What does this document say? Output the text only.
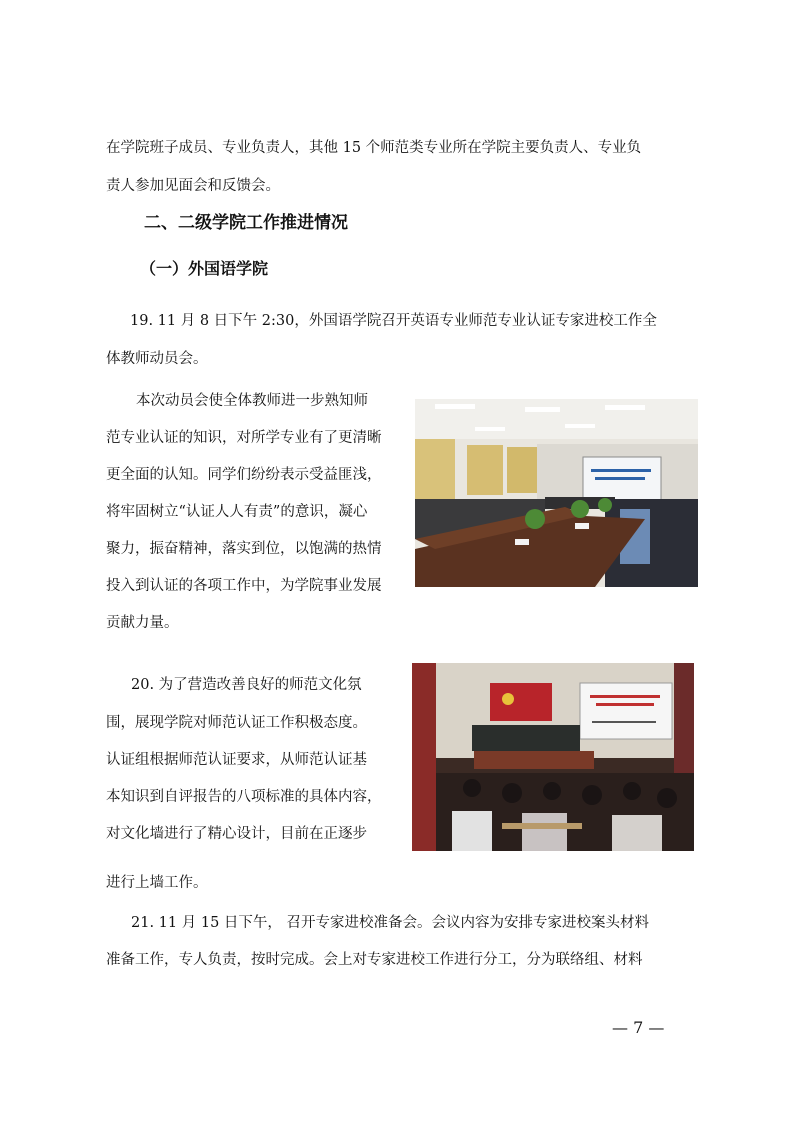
在学院班子成员、专业负责人，其他 15 个师范类专业所在学院主要负责人、专业负
责人参加见面会和反馈会。
二、二级学院工作推进情况
（一）外国语学院
19. 11 月 8 日下午 2:30，外国语学院召开英语专业师范专业认证专家进校工作全
体教师动员会。
本次动员会使全体教师进一步熟知师
范专业认证的知识，对所学专业有了更清晰
更全面的认知。同学们纷纷表示受益匪浅，
将牢固树立“认证人人有责”的意识，凝心
聚力，振奋精神，落实到位，以饱满的热情
投入到认证的各项工作中，为学院事业发展
贡献力量。
20. 为了营造改善良好的师范文化氛
围，展现学院对师范认证工作积极态度。
认证组根据师范认证要求，从师范认证基
本知识到自评报告的八项标准的具体内容，
对文化墙进行了精心设计，目前在正逐步
进行上墙工作。
21. 11 月 15 日下午， 召开专家进校准备会。会议内容为安排专家进校案头材料
准备工作，专人负责，按时完成。会上对专家进校工作进行分工，分为联络组、材料
— 7 —
